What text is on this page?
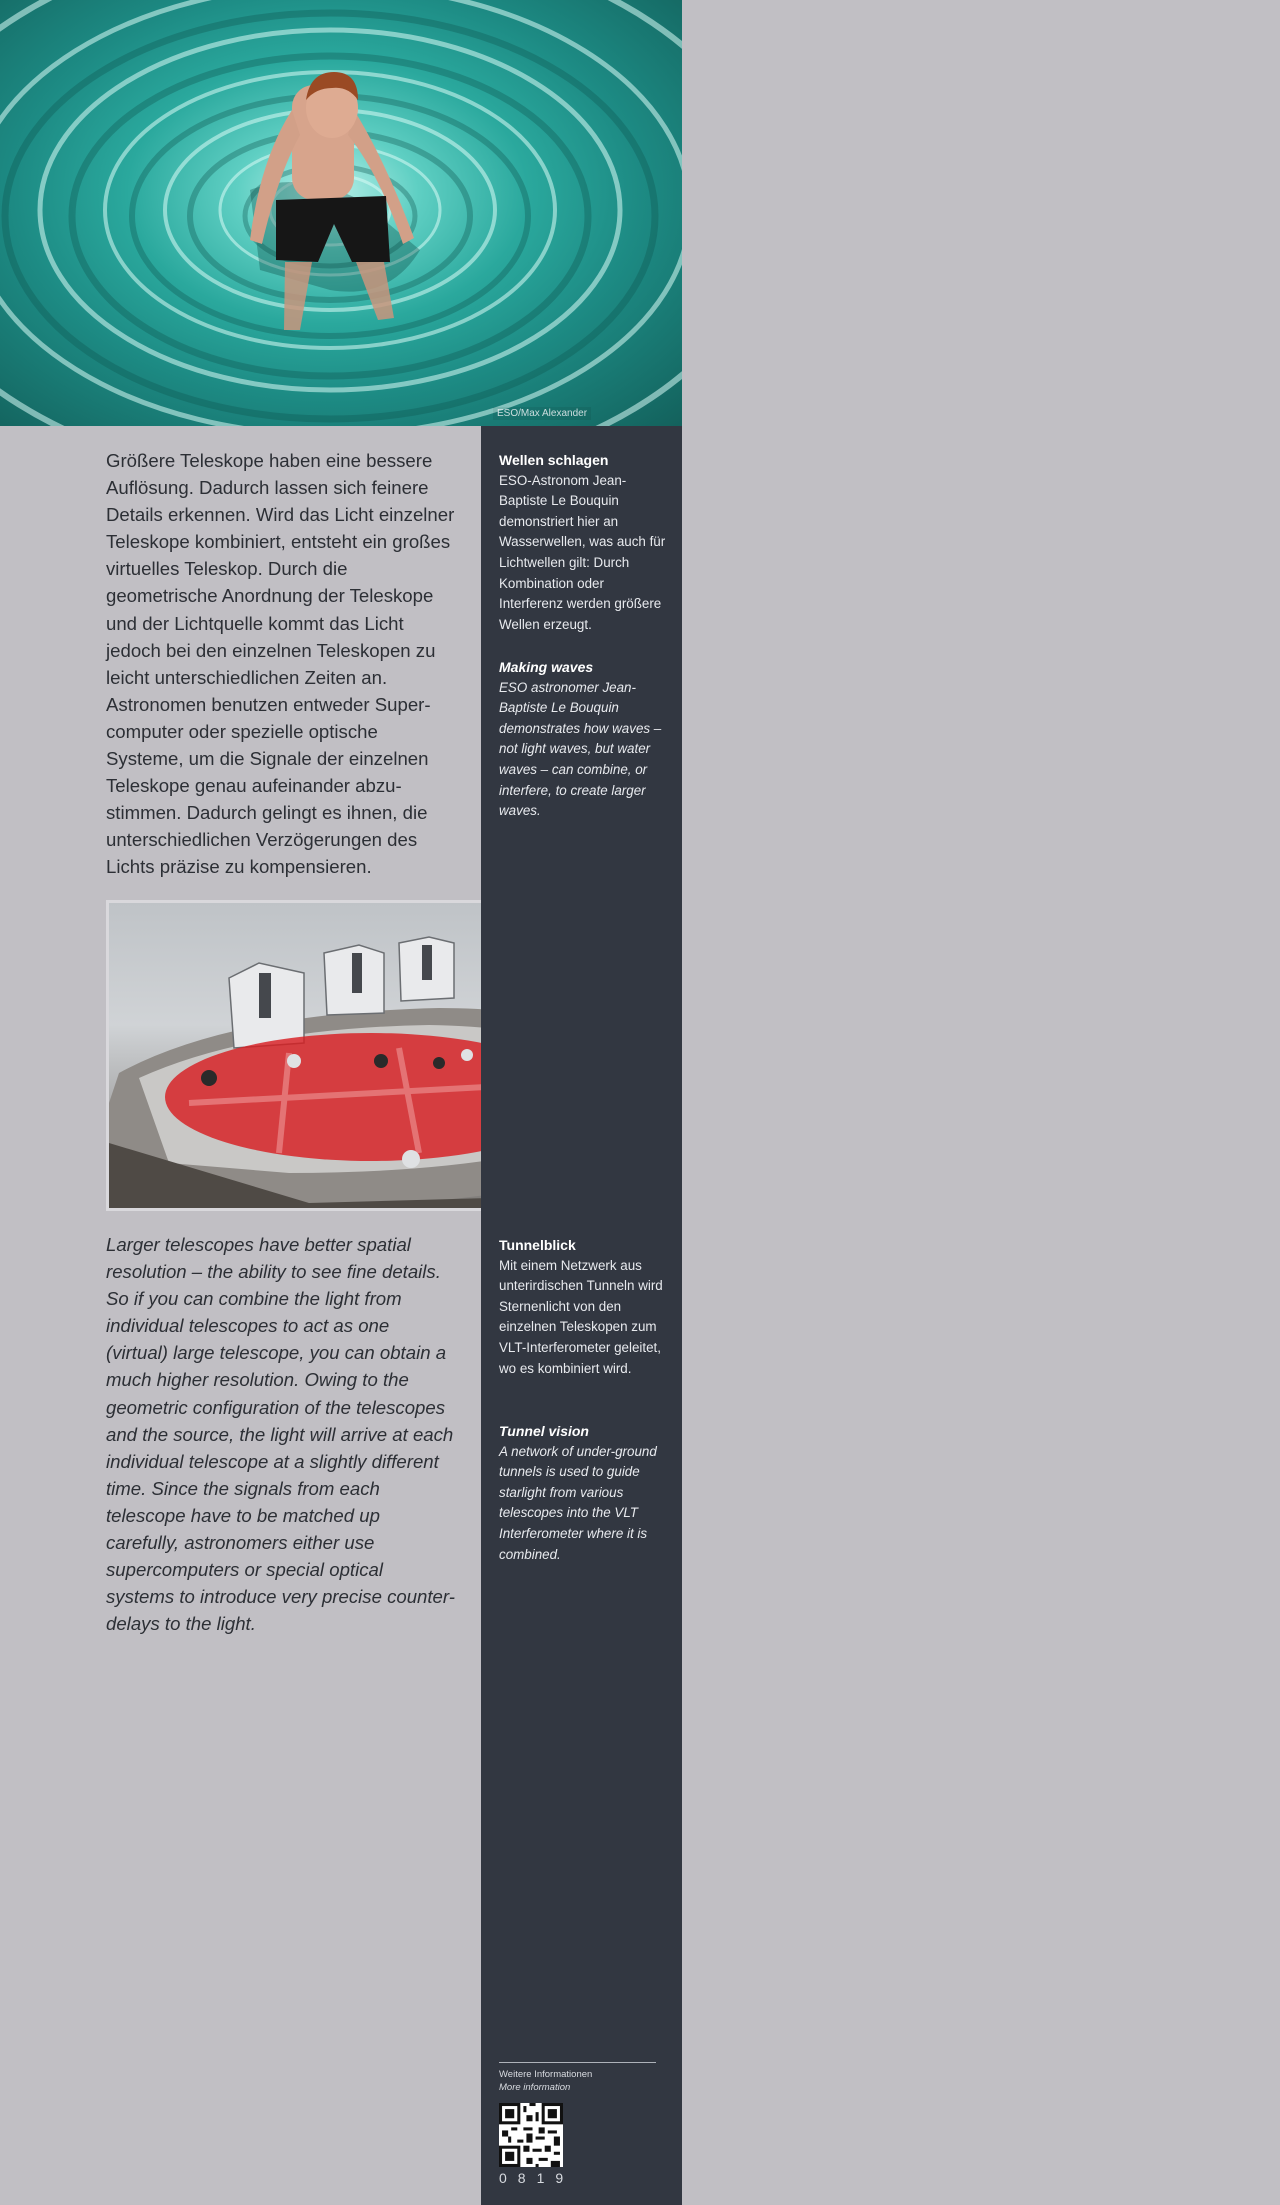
ESO/Max Alexander

Größere Teleskope haben eine bessere Auflösung. Dadurch lassen sich feinere Details erkennen. Wird das Licht einzelner Teleskope kombiniert, entsteht ein großes virtuelles Teleskop. Durch die geometrische Anordnung der Teleskope und der Lichtquelle kommt das Licht jedoch bei den einzelnen Teleskopen zu leicht unterschiedlichen Zeiten an. Astronomen benutzen entweder Super-computer oder spezielle optische Systeme, um die Signale der einzelnen Teleskope genau aufeinander abzu-stimmen. Dadurch gelingt es ihnen, die unterschiedlichen Verzögerungen des Lichts präzise zu kompensieren.

Larger telescopes have better spatial resolution – the ability to see fine details. So if you can combine the light from individual telescopes to act as one (virtual) large telescope, you can obtain a much higher resolution. Owing to the geometric configuration of the telescopes and the source, the light will arrive at each individual telescope at a slightly different time. Since the signals from each telescope have to be matched up carefully, astronomers either use supercomputers or special optical systems to introduce very precise counter-delays to the light.

Wellen schlagen

ESO-Astronom Jean-Baptiste Le Bouquin demonstriert hier an Wasserwellen, was auch für Lichtwellen gilt: Durch Kombination oder Interferenz werden größere Wellen erzeugt.

Making waves

ESO astronomer Jean-Baptiste Le Bouquin demonstrates how waves – not light waves, but water waves – can combine, or interfere, to create larger waves.

Tunnelblick

Mit einem Netzwerk aus unterirdischen Tunneln wird Sternenlicht von den einzelnen Teleskopen zum VLT-Interferometer geleitet, wo es kombiniert wird.

Tunnel vision

A network of under-ground tunnels is used to guide starlight from various telescopes into the VLT Interferometer where it is combined.

Weitere Informationen
More information
0819
